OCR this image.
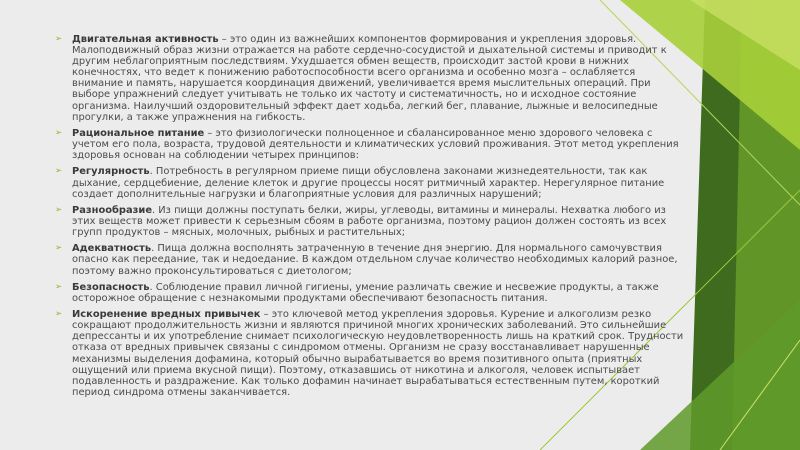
➢ Двигательная активность – это один из важнейших компонентов формирования и укрепления здоровья. Малоподвижный образ жизни отражается на работе сердечно-сосудистой и дыхательной системы и приводит к другим неблагоприятным последствиям. Ухудшается обмен веществ, происходит застой крови в нижних конечностях, что ведет к понижению работоспособности всего организма и особенно мозга – ослабляется внимание и память, нарушается координация движений, увеличивается время мыслительных операций. При выборе упражнений следует учитывать не только их частоту и систематичность, но и исходное состояние организма. Наилучший оздоровительный эффект дает ходьба, легкий бег, плавание, лыжные и велосипедные прогулки, а также упражнения на гибкость.
➢ Рациональное питание – это физиологически полноценное и сбалансированное меню здорового человека с учетом его пола, возраста, трудовой деятельности и климатических условий проживания. Этот метод укрепления здоровья основан на соблюдении четырех принципов:
➢ Регулярность. Потребность в регулярном приеме пищи обусловлена законами жизнедеятельности, так как дыхание, сердцебиение, деление клеток и другие процессы носят ритмичный характер. Нерегулярное питание создает дополнительные нагрузки и благоприятные условия для различных нарушений;
➢ Разнообразие. Из пищи должны поступать белки, жиры, углеводы, витамины и минералы. Нехватка любого из этих веществ может привести к серьезным сбоям в работе организма, поэтому рацион должен состоять из всех групп продуктов – мясных, молочных, рыбных и растительных;
➢ Адекватность. Пища должна восполнять затраченную в течение дня энергию. Для нормального самочувствия опасно как переедание, так и недоедание. В каждом отдельном случае количество необходимых калорий разное, поэтому важно проконсультироваться с диетологом;
➢ Безопасность. Соблюдение правил личной гигиены, умение различать свежие и несвежие продукты, а также осторожное обращение с незнакомыми продуктами обеспечивают безопасность питания.
➢ Искоренение вредных привычек – это ключевой метод укрепления здоровья. Курение и алкоголизм резко сокращают продолжительность жизни и являются причиной многих хронических заболеваний. Это сильнейшие депрессанты и их употребление снимает психологическую неудовлетворенность лишь на краткий срок. Трудности отказа от вредных привычек связаны с синдромом отмены. Организм не сразу восстанавливает нарушенные механизмы выделения дофамина, который обычно вырабатывается во время позитивного опыта (приятных ощущений или приема вкусной пищи). Поэтому, отказавшись от никотина и алкоголя, человек испытывает подавленность и раздражение. Как только дофамин начинает вырабатываться естественным путем, короткий период синдрома отмены заканчивается.
